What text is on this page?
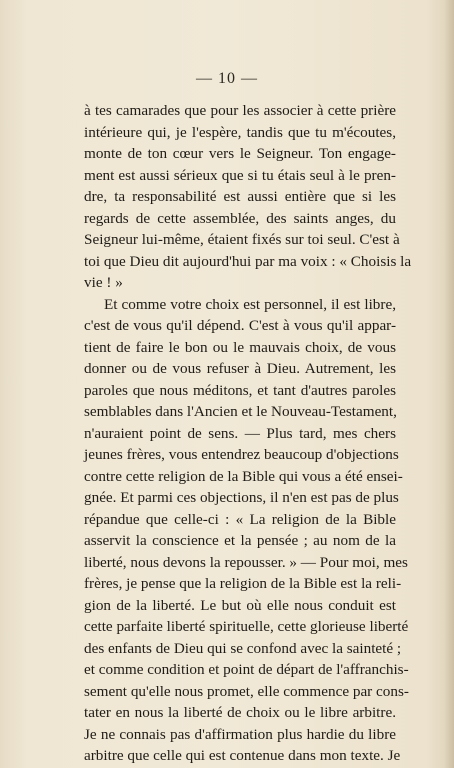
— 10 —
à tes camarades que pour les associer à cette prière
intérieure qui, je l'espère, tandis que tu m'écoutes,
monte de ton cœur vers le Seigneur. Ton engage-
ment est aussi sérieux que si tu étais seul à le pren-
dre, ta responsabilité est aussi entière que si les
regards de cette assemblée, des saints anges, du
Seigneur lui-même, étaient fixés sur toi seul. C'est à
toi que Dieu dit aujourd'hui par ma voix : « Choisis la
vie ! »
Et comme votre choix est personnel, il est libre,
c'est de vous qu'il dépend. C'est à vous qu'il appar-
tient de faire le bon ou le mauvais choix, de vous
donner ou de vous refuser à Dieu. Autrement, les
paroles que nous méditons, et tant d'autres paroles
semblables dans l'Ancien et le Nouveau-Testament,
n'auraient point de sens. — Plus tard, mes chers
jeunes frères, vous entendrez beaucoup d'objections
contre cette religion de la Bible qui vous a été ensei-
gnée. Et parmi ces objections, il n'en est pas de plus
répandue que celle-ci : « La religion de la Bible
asservit la conscience et la pensée ; au nom de la
liberté, nous devons la repousser. » — Pour moi, mes
frères, je pense que la religion de la Bible est la reli-
gion de la liberté. Le but où elle nous conduit est
cette parfaite liberté spirituelle, cette glorieuse liberté
des enfants de Dieu qui se confond avec la sainteté ;
et comme condition et point de départ de l'affranchis-
sement qu'elle nous promet, elle commence par cons-
tater en nous la liberté de choix ou le libre arbitre.
Je ne connais pas d'affirmation plus hardie du libre
arbitre que celle qui est contenue dans mon texte. Je
